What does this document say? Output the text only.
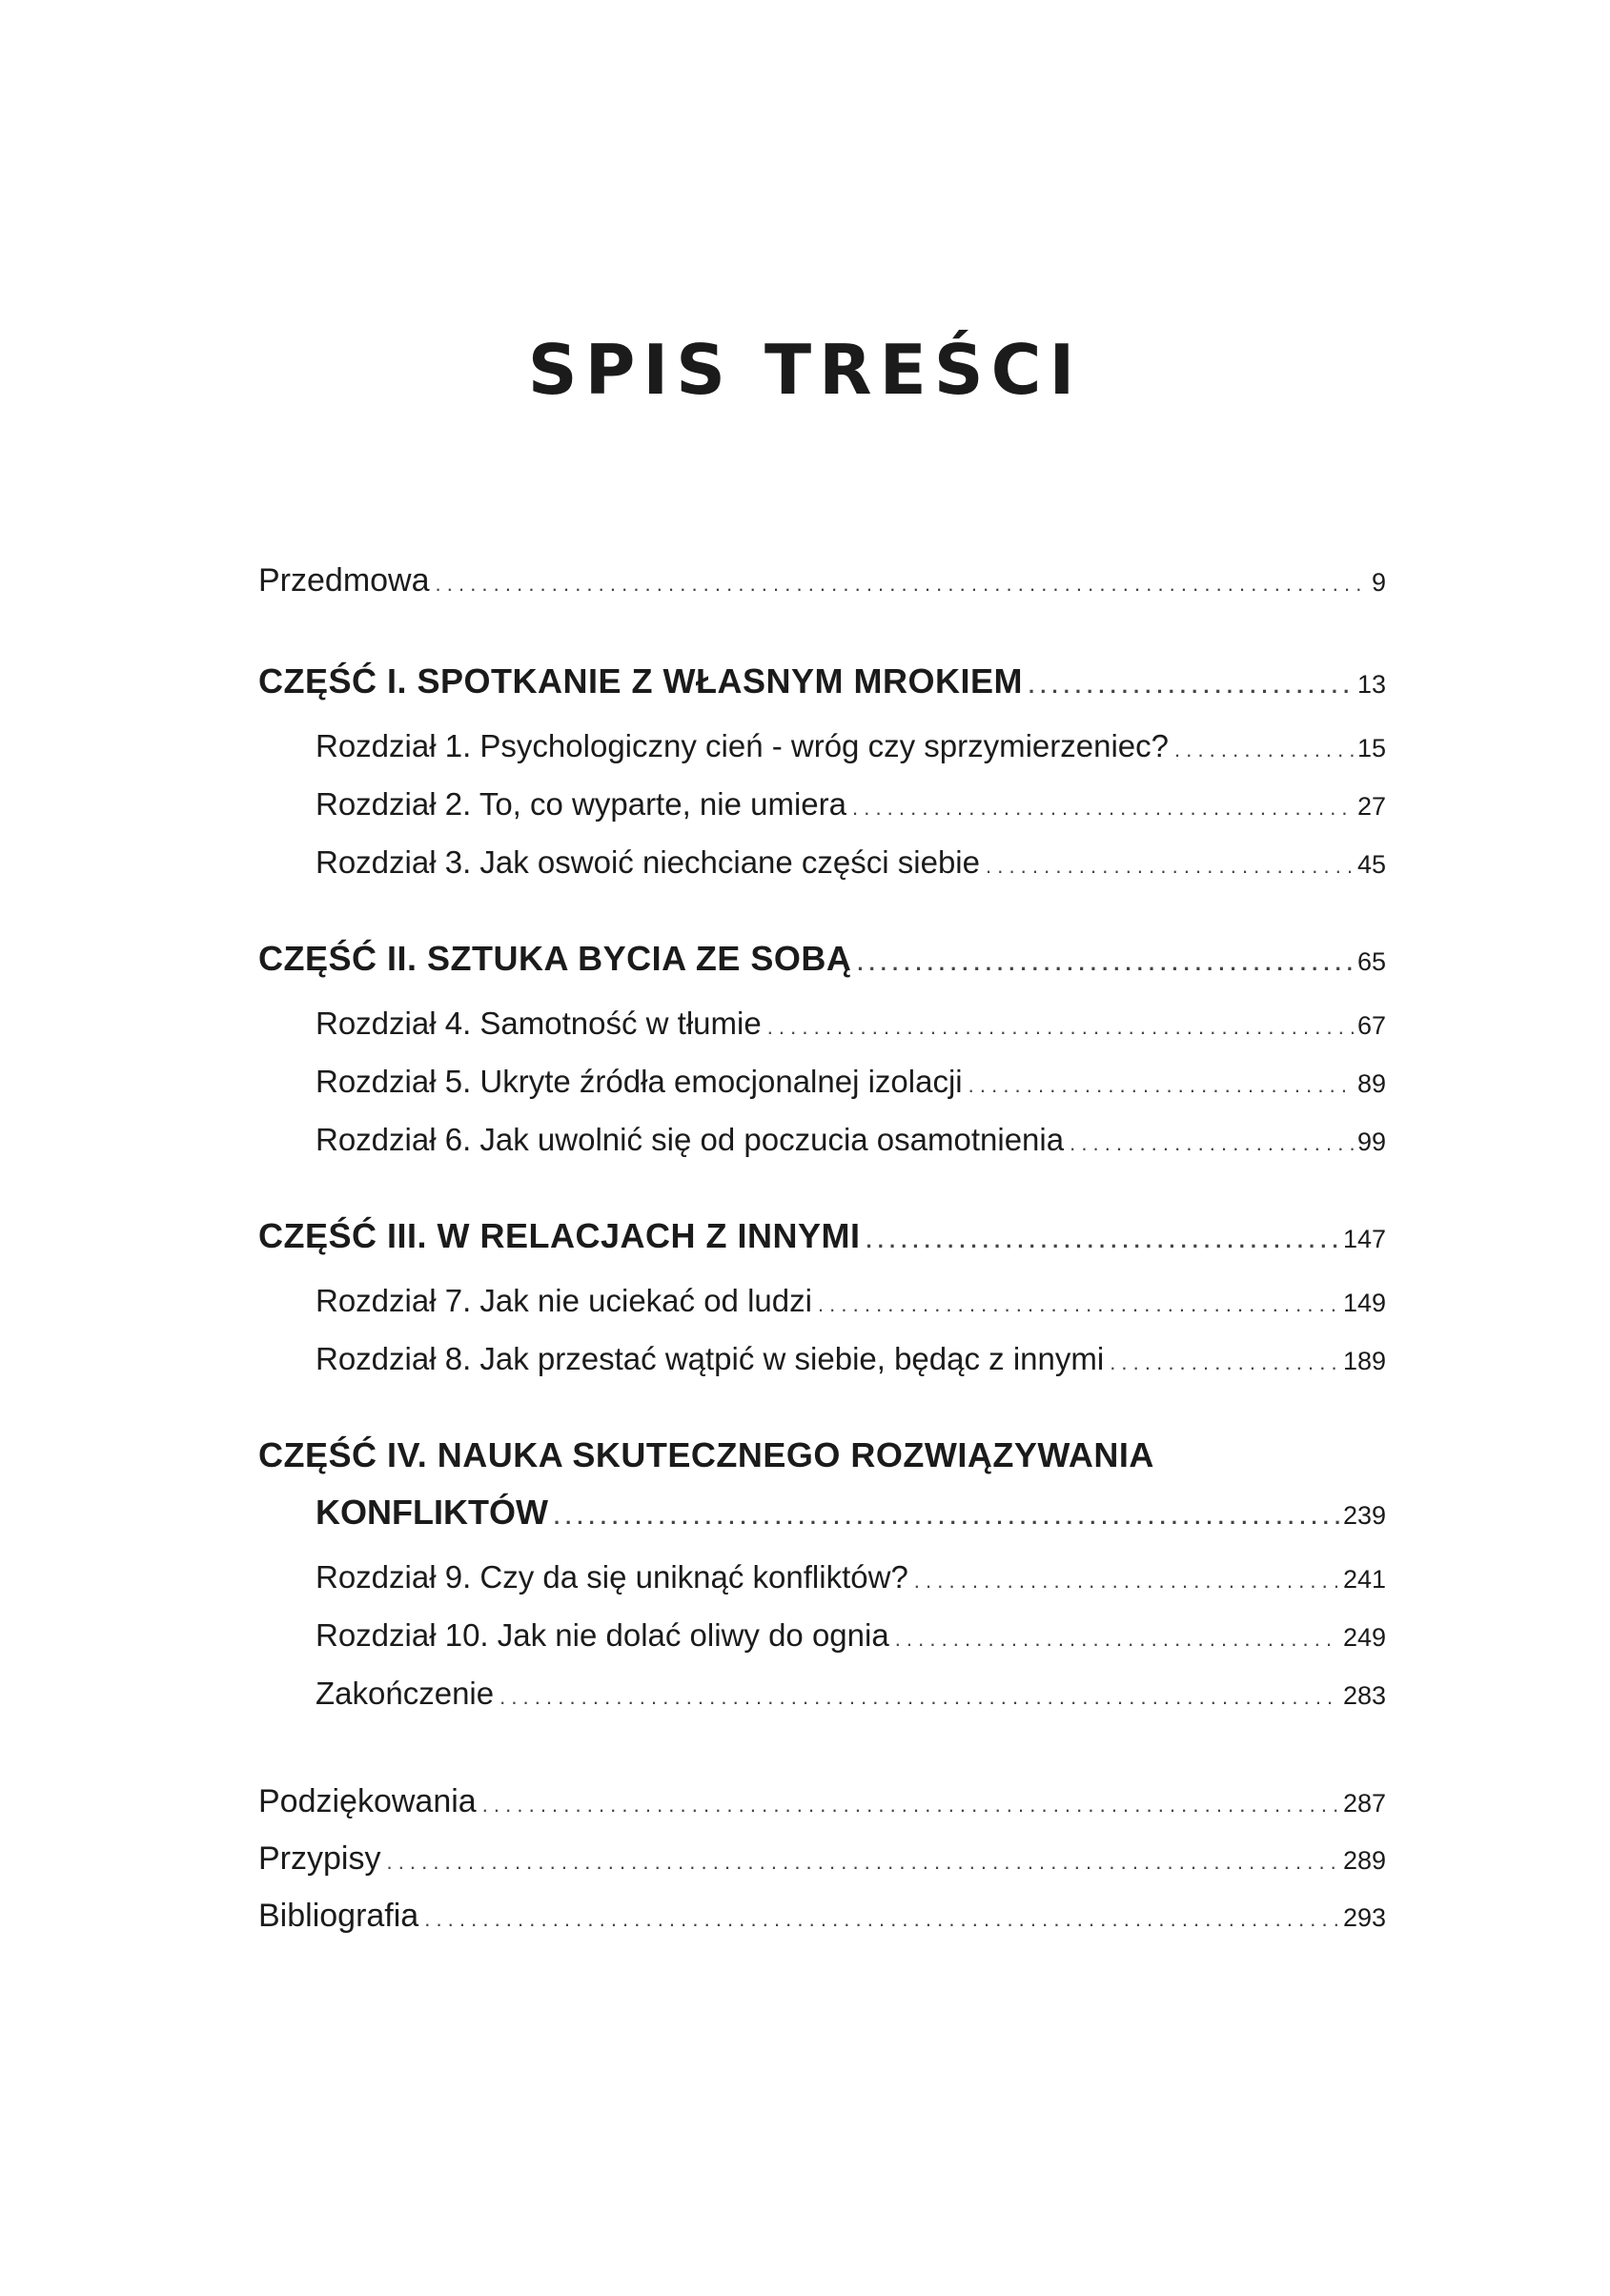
SPIS TREŚCI
Przedmowa . . .	9
CZĘŚĆ I. SPOTKANIE Z WŁASNYM MROKIEM . . .	13
Rozdział 1. Psychologiczny cień - wróg czy sprzymierzeniec? . . .	15
Rozdział 2. To, co wyparte, nie umiera . . .	27
Rozdział 3. Jak oswoić niechciane części siebie . . .	45
CZĘŚĆ II. SZTUKA BYCIA ZE SOBĄ . . .	65
Rozdział 4. Samotność w tłumie . . .	67
Rozdział 5. Ukryte źródła emocjonalnej izolacji . . .	89
Rozdział 6. Jak uwolnić się od poczucia osamotnienia . . .	99
CZĘŚĆ III. W RELACJACH Z INNYMI . . .	147
Rozdział 7. Jak nie uciekać od ludzi . . .	149
Rozdział 8. Jak przestać wątpić w siebie, będąc z innymi . . .	189
CZĘŚĆ IV. NAUKA SKUTECZNEGO ROZWIĄZYWANIA
KONFLIKTÓW . . .	239
Rozdział 9. Czy da się uniknąć konfliktów? . . .	241
Rozdział 10. Jak nie dolać oliwy do ognia . . .	249
Zakończenie . . .	283
Podziękowania . . .	287
Przypisy . . .	289
Bibliografia . . .	293
